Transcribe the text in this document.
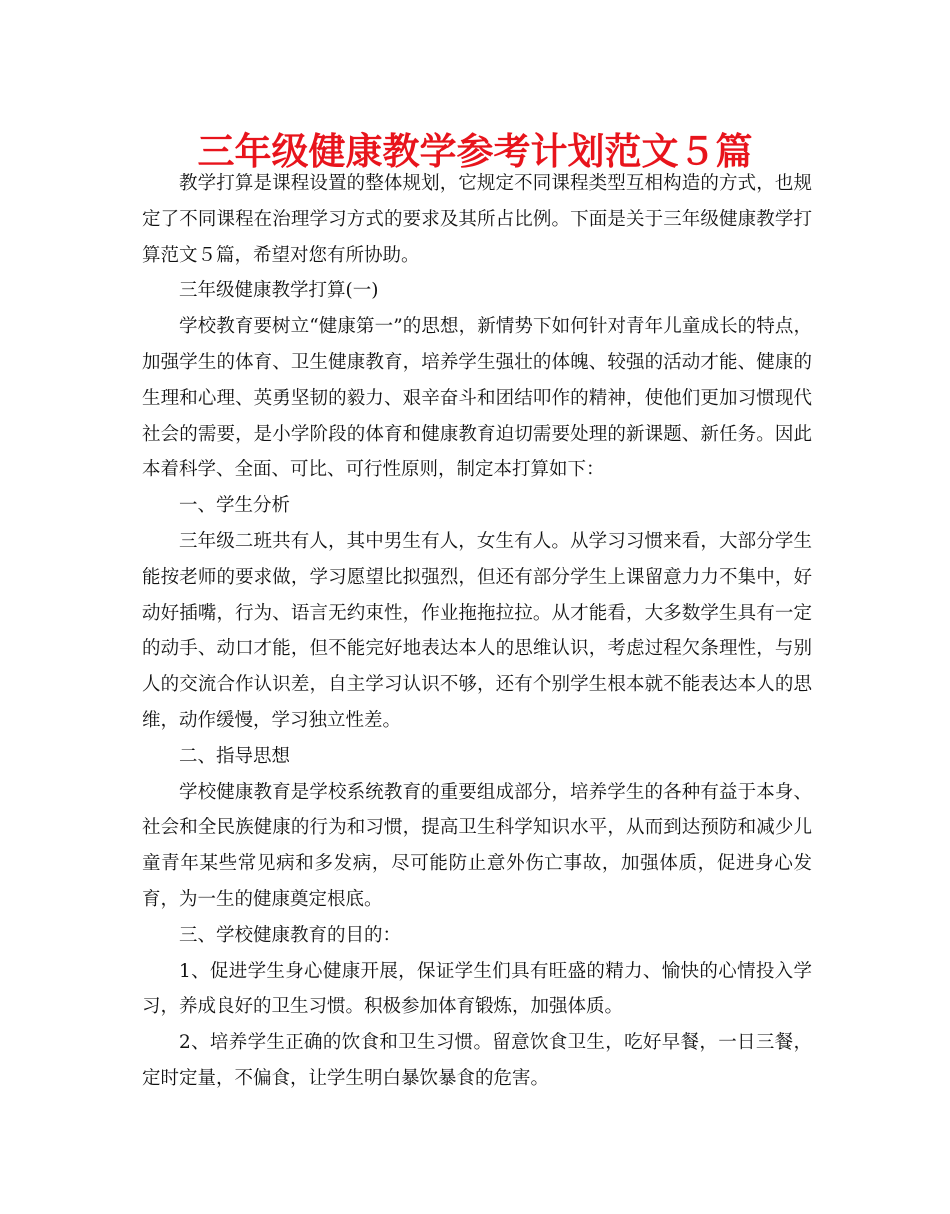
三年级健康教学参考计划范文５篇

教学打算是课程设置的整体规划，它规定不同课程类型互相构造的方式，也规定了不同课程在治理学习方式的要求及其所占比例。下面是关于三年级健康教学打算范文５篇，希望对您有所协助。

三年级健康教学打算(一)

学校教育要树立“健康第一”的思想，新情势下如何针对青年儿童成长的特点，加强学生的体育、卫生健康教育，培养学生强壮的体魄、较强的活动才能、健康的生理和心理、英勇坚韧的毅力、艰辛奋斗和团结叩作的精神，使他们更加习惯现代社会的需要，是小学阶段的体育和健康教育迫切需要处理的新课题、新任务。因此本着科学、全面、可比、可行性原则，制定本打算如下：

一、学生分析

三年级二班共有人，其中男生有人，女生有人。从学习习惯来看，大部分学生能按老师的要求做，学习愿望比拟强烈，但还有部分学生上课留意力力不集中，好动好插嘴，行为、语言无约束性，作业拖拖拉拉。从才能看，大多数学生具有一定的动手、动口才能，但不能完好地表达本人的思维认识，考虑过程欠条理性，与别人的交流合作认识差，自主学习认识不够，还有个别学生根本就不能表达本人的思维，动作缓慢，学习独立性差。

二、指导思想

学校健康教育是学校系统教育的重要组成部分，培养学生的各种有益于本身、社会和全民族健康的行为和习惯，提高卫生科学知识水平，从而到达预防和减少儿童青年某些常见病和多发病，尽可能防止意外伤亡事故，加强体质，促进身心发育，为一生的健康奠定根底。

三、学校健康教育的目的：

1、促进学生身心健康开展，保证学生们具有旺盛的精力、愉快的心情投入学习，养成良好的卫生习惯。积极参加体育锻炼，加强体质。

2、培养学生正确的饮食和卫生习惯。留意饮食卫生，吃好早餐，一日三餐，定时定量，不偏食，让学生明白暴饮暴食的危害。
